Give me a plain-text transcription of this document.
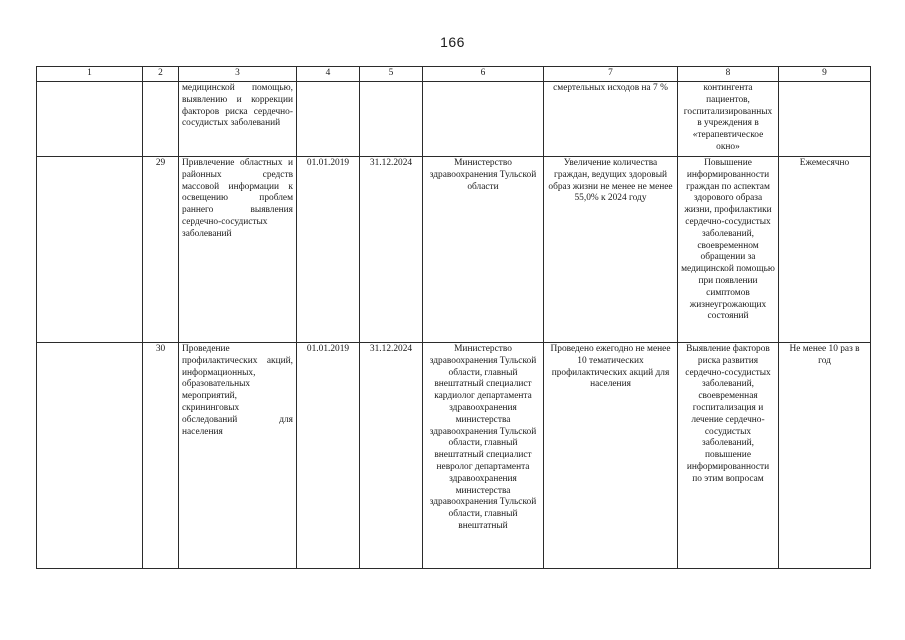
166
1	2	3	4	5	6	7	8	9
		медицинской помощью, выявлению и коррекции факторов риска сердечно-сосудистых заболеваний				смертельных исходов на 7 %	контингента пациентов, госпитализированных в учреждения в «терапевтическое окно»	
	29	Привлечение областных и районных средств массовой информации к освещению проблем раннего выявления сердечно-сосудистых заболеваний	01.01.2019	31.12.2024	Министерство здравоохранения Тульской области	Увеличение количества граждан, ведущих здоровый образ жизни не менее не менее 55,0% к 2024 году	Повышение информированности граждан по аспектам здорового образа жизни, профилактики сердечно-сосудистых заболеваний, своевременном обращении за медицинской помощью при появлении симптомов жизнеугрожающих состояний	Ежемесячно
	30	Проведение профилактических акций, информационных, образовательных мероприятий, скрининговых обследований для населения	01.01.2019	31.12.2024	Министерство здравоохранения Тульской области, главный внештатный специалист кардиолог департамента здравоохранения министерства здравоохранения Тульской области, главный внештатный специалист невролог департамента здравоохранения министерства здравоохранения Тульской области, главный внештатный	Проведено ежегодно не менее 10 тематических профилактических акций для населения	Выявление факторов риска развития сердечно-сосудистых заболеваний, своевременная госпитализация и лечение сердечно-сосудистых заболеваний, повышение информированности по этим вопросам	Не менее 10 раз в год
